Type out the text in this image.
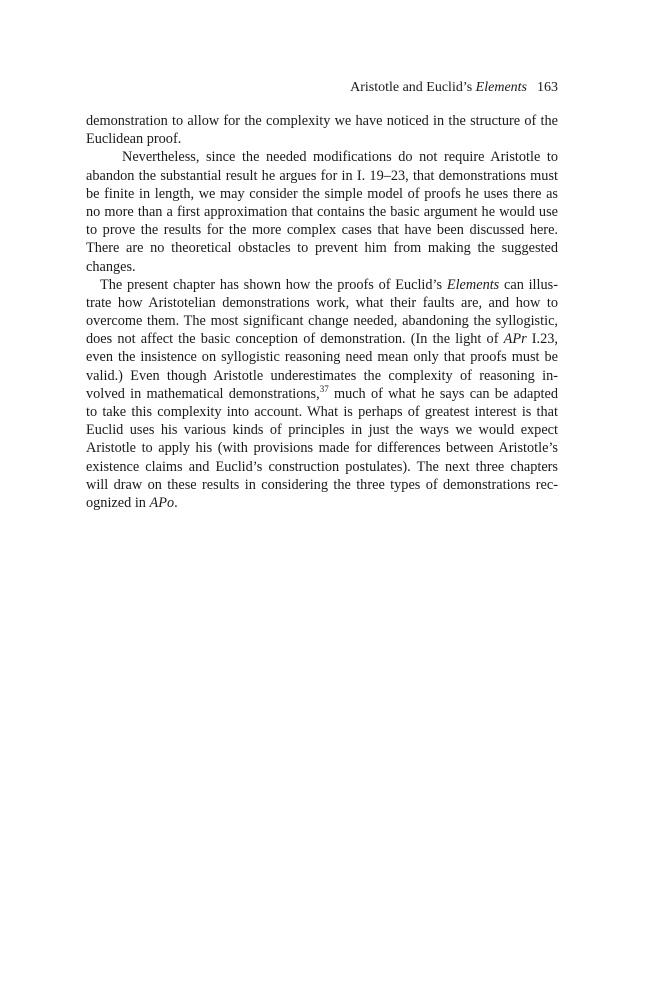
Aristotle and Euclid’s Elements 163
demonstration to allow for the complexity we have noticed in the structure of the
Euclidean proof.
Nevertheless, since the needed modifications do not require Aristotle to
abandon the substantial result he argues for in I. 19–23, that demonstrations must
be finite in length, we may consider the simple model of proofs he uses there as
no more than a first approximation that contains the basic argument he would use
to prove the results for the more complex cases that have been discussed here.
There are no theoretical obstacles to prevent him from making the suggested
changes.
The present chapter has shown how the proofs of Euclid’s Elements can illus-
trate how Aristotelian demonstrations work, what their faults are, and how to
overcome them. The most significant change needed, abandoning the syllogistic,
does not affect the basic conception of demonstration. (In the light of APr I.23,
even the insistence on syllogistic reasoning need mean only that proofs must be
valid.) Even though Aristotle underestimates the complexity of reasoning in-
volved in mathematical demonstrations,$^{37}$ much of what he says can be adapted
to take this complexity into account. What is perhaps of greatest interest is that
Euclid uses his various kinds of principles in just the ways we would expect
Aristotle to apply his (with provisions made for differences between Aristotle’s
existence claims and Euclid’s construction postulates). The next three chapters
will draw on these results in considering the three types of demonstrations rec-
ognized in APo.
